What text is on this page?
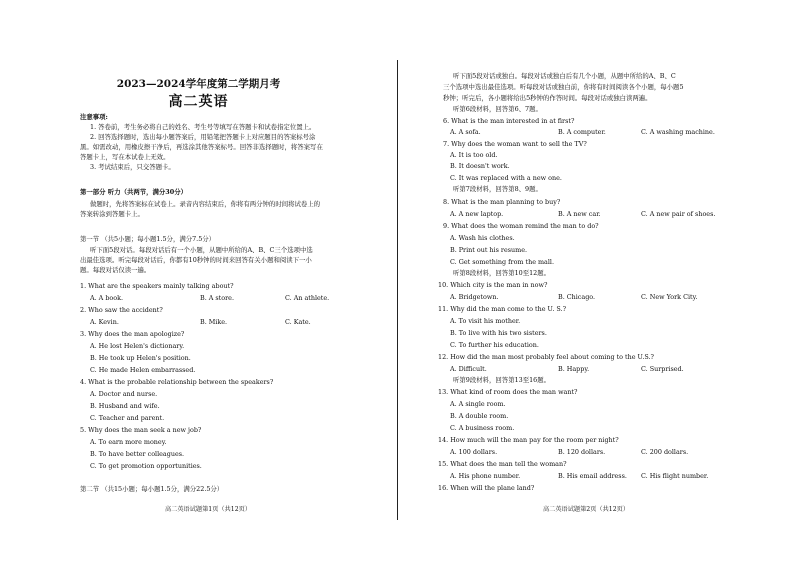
2023—2024学年度第二学期月考
高二英语
注意事项:
1. 答卷前，考生务必将自己的姓名、考生号等填写在答题卡和试卷指定位置上。
2. 回答选择题时，选出每小题答案后，用铅笔把答题卡上对应题目的答案标号涂
黑。如需改动，用橡皮擦干净后，再选涂其他答案标号。回答非选择题时，将答案写在
答题卡上，写在本试卷上无效。
3. 考试结束后，只交答题卡。
第一部分 听力（共两节，满分30分）
做题时，先将答案标在试卷上。录音内容结束后，你将有两分钟的时间将试卷上的
答案转涂到答题卡上。
第一节 （共5小题；每小题1.5分，满分7.5分）
听下面5段对话。每段对话后有一个小题，从题中所给的A、B、C三个选项中选
出最佳选项。听完每段对话后，你都有10秒钟的时间来回答有关小题和阅读下一小
题。每段对话仅读一遍。
1. What are the speakers mainly talking about?
A. A book.	B. A store.	C. An athlete.
2. Who saw the accident?
A. Kevin.	B. Mike.	C. Kate.
3. Why does the man apologize?
A. He lost Helen's dictionary.
B. He took up Helen's position.
C. He made Helen embarrassed.
4. What is the probable relationship between the speakers?
A. Doctor and nurse.
B. Husband and wife.
C. Teacher and parent.
5. Why does the man seek a new job?
A. To earn more money.
B. To have better colleagues.
C. To get promotion opportunities.
第二节 （共15小题；每小题1.5分，满分22.5分）
高二英语试题第1页（共12页）
听下面5段对话或独白。每段对话或独白后有几个小题，从题中所给的A、B、C
三个选项中选出最佳选项。听每段对话或独白前，你将有时间阅读各个小题，每小题5
秒钟；听完后，各小题将给出5秒钟的作答时间。每段对话或独白读两遍。
听第6段材料，回答第6、7题。
6. What is the man interested in at first?
A. A sofa.	B. A computer.	C. A washing machine.
7. Why does the woman want to sell the TV?
A. It is too old.
B. It doesn't work.
C. It was replaced with a new one.
听第7段材料，回答第8、9题。
8. What is the man planning to buy?
A. A new laptop.	B. A new car.	C. A new pair of shoes.
9. What does the woman remind the man to do?
A. Wash his clothes.
B. Print out his resume.
C. Get something from the mall.
听第8段材料，回答第10至12题。
10. Which city is the man in now?
A. Bridgetown.	B. Chicago.	C. New York City.
11. Why did the man come to the U. S.?
A. To visit his mother.
B. To live with his two sisters.
C. To further his education.
12. How did the man most probably feel about coming to the U.S.?
A. Difficult.	B. Happy.	C. Surprised.
听第9段材料，回答第13至16题。
13. What kind of room does the man want?
A. A single room.
B. A double room.
C. A business room.
14. How much will the man pay for the room per night?
A. 100 dollars.	B. 120 dollars.	C. 200 dollars.
15. What does the man tell the woman?
A. His phone number.	B. His email address. C. His flight number.
16. When will the plane land?
高二英语试题第2页（共12页）
